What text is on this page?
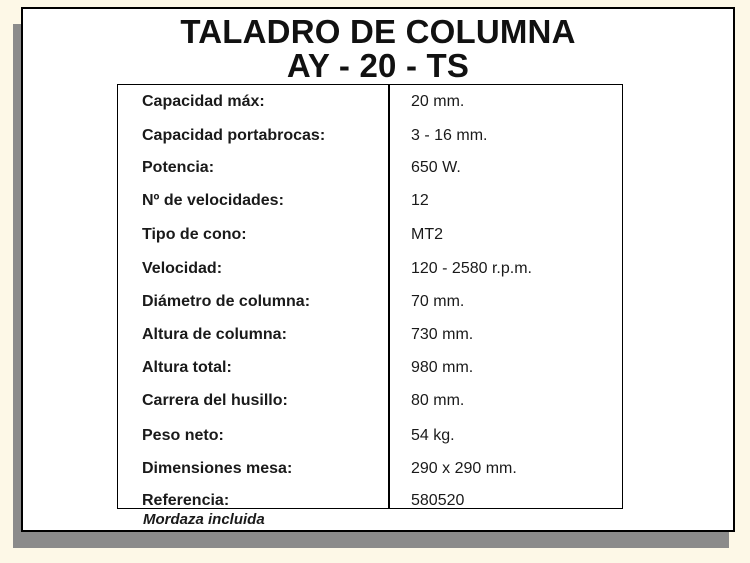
TALADRO DE COLUMNA
AY - 20 - TS
Capacidad máx:	20 mm.
Capacidad portabrocas:	3 - 16 mm.
Potencia:	650 W.
Nº de velocidades:	12
Tipo de cono:	MT2
Velocidad:	120 - 2580 r.p.m.
Diámetro de columna:	70 mm.
Altura de columna:	730 mm.
Altura total:	980 mm.
Carrera del husillo:	80 mm.
Peso neto:	54 kg.
Dimensiones mesa:	290 x 290 mm.
Referencia:	580520
Mordaza incluida
